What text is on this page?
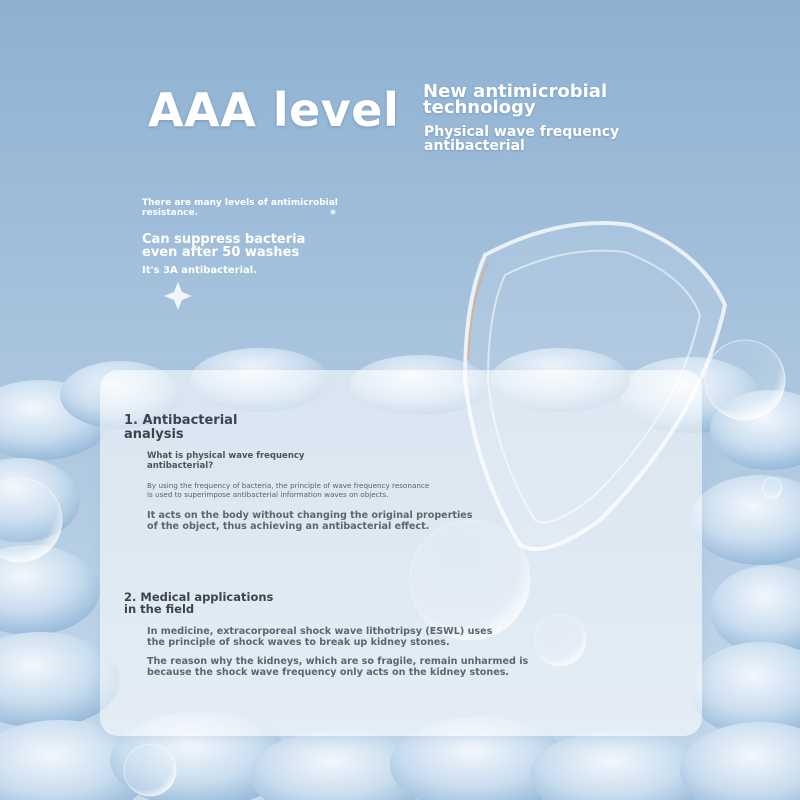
AAA level New antimicrobial
technology
Physical wave frequency
antibacterial
There are many levels of antimicrobial
resistance.
Can suppress bacteria
even after 50 washes
It's 3A antibacterial.
1. Antibacterial
analysis
What is physical wave frequency
antibacterial?
By using the frequency of bacteria, the principle of wave frequency resonance
is used to superimpose antibacterial information waves on objects.
It acts on the body without changing the original properties
of the object, thus achieving an antibacterial effect.
2. Medical applications
in the field
In medicine, extracorporeal shock wave lithotripsy (ESWL) uses
the principle of shock waves to break up kidney stones.
The reason why the kidneys, which are so fragile, remain unharmed is
because the shock wave frequency only acts on the kidney stones.
